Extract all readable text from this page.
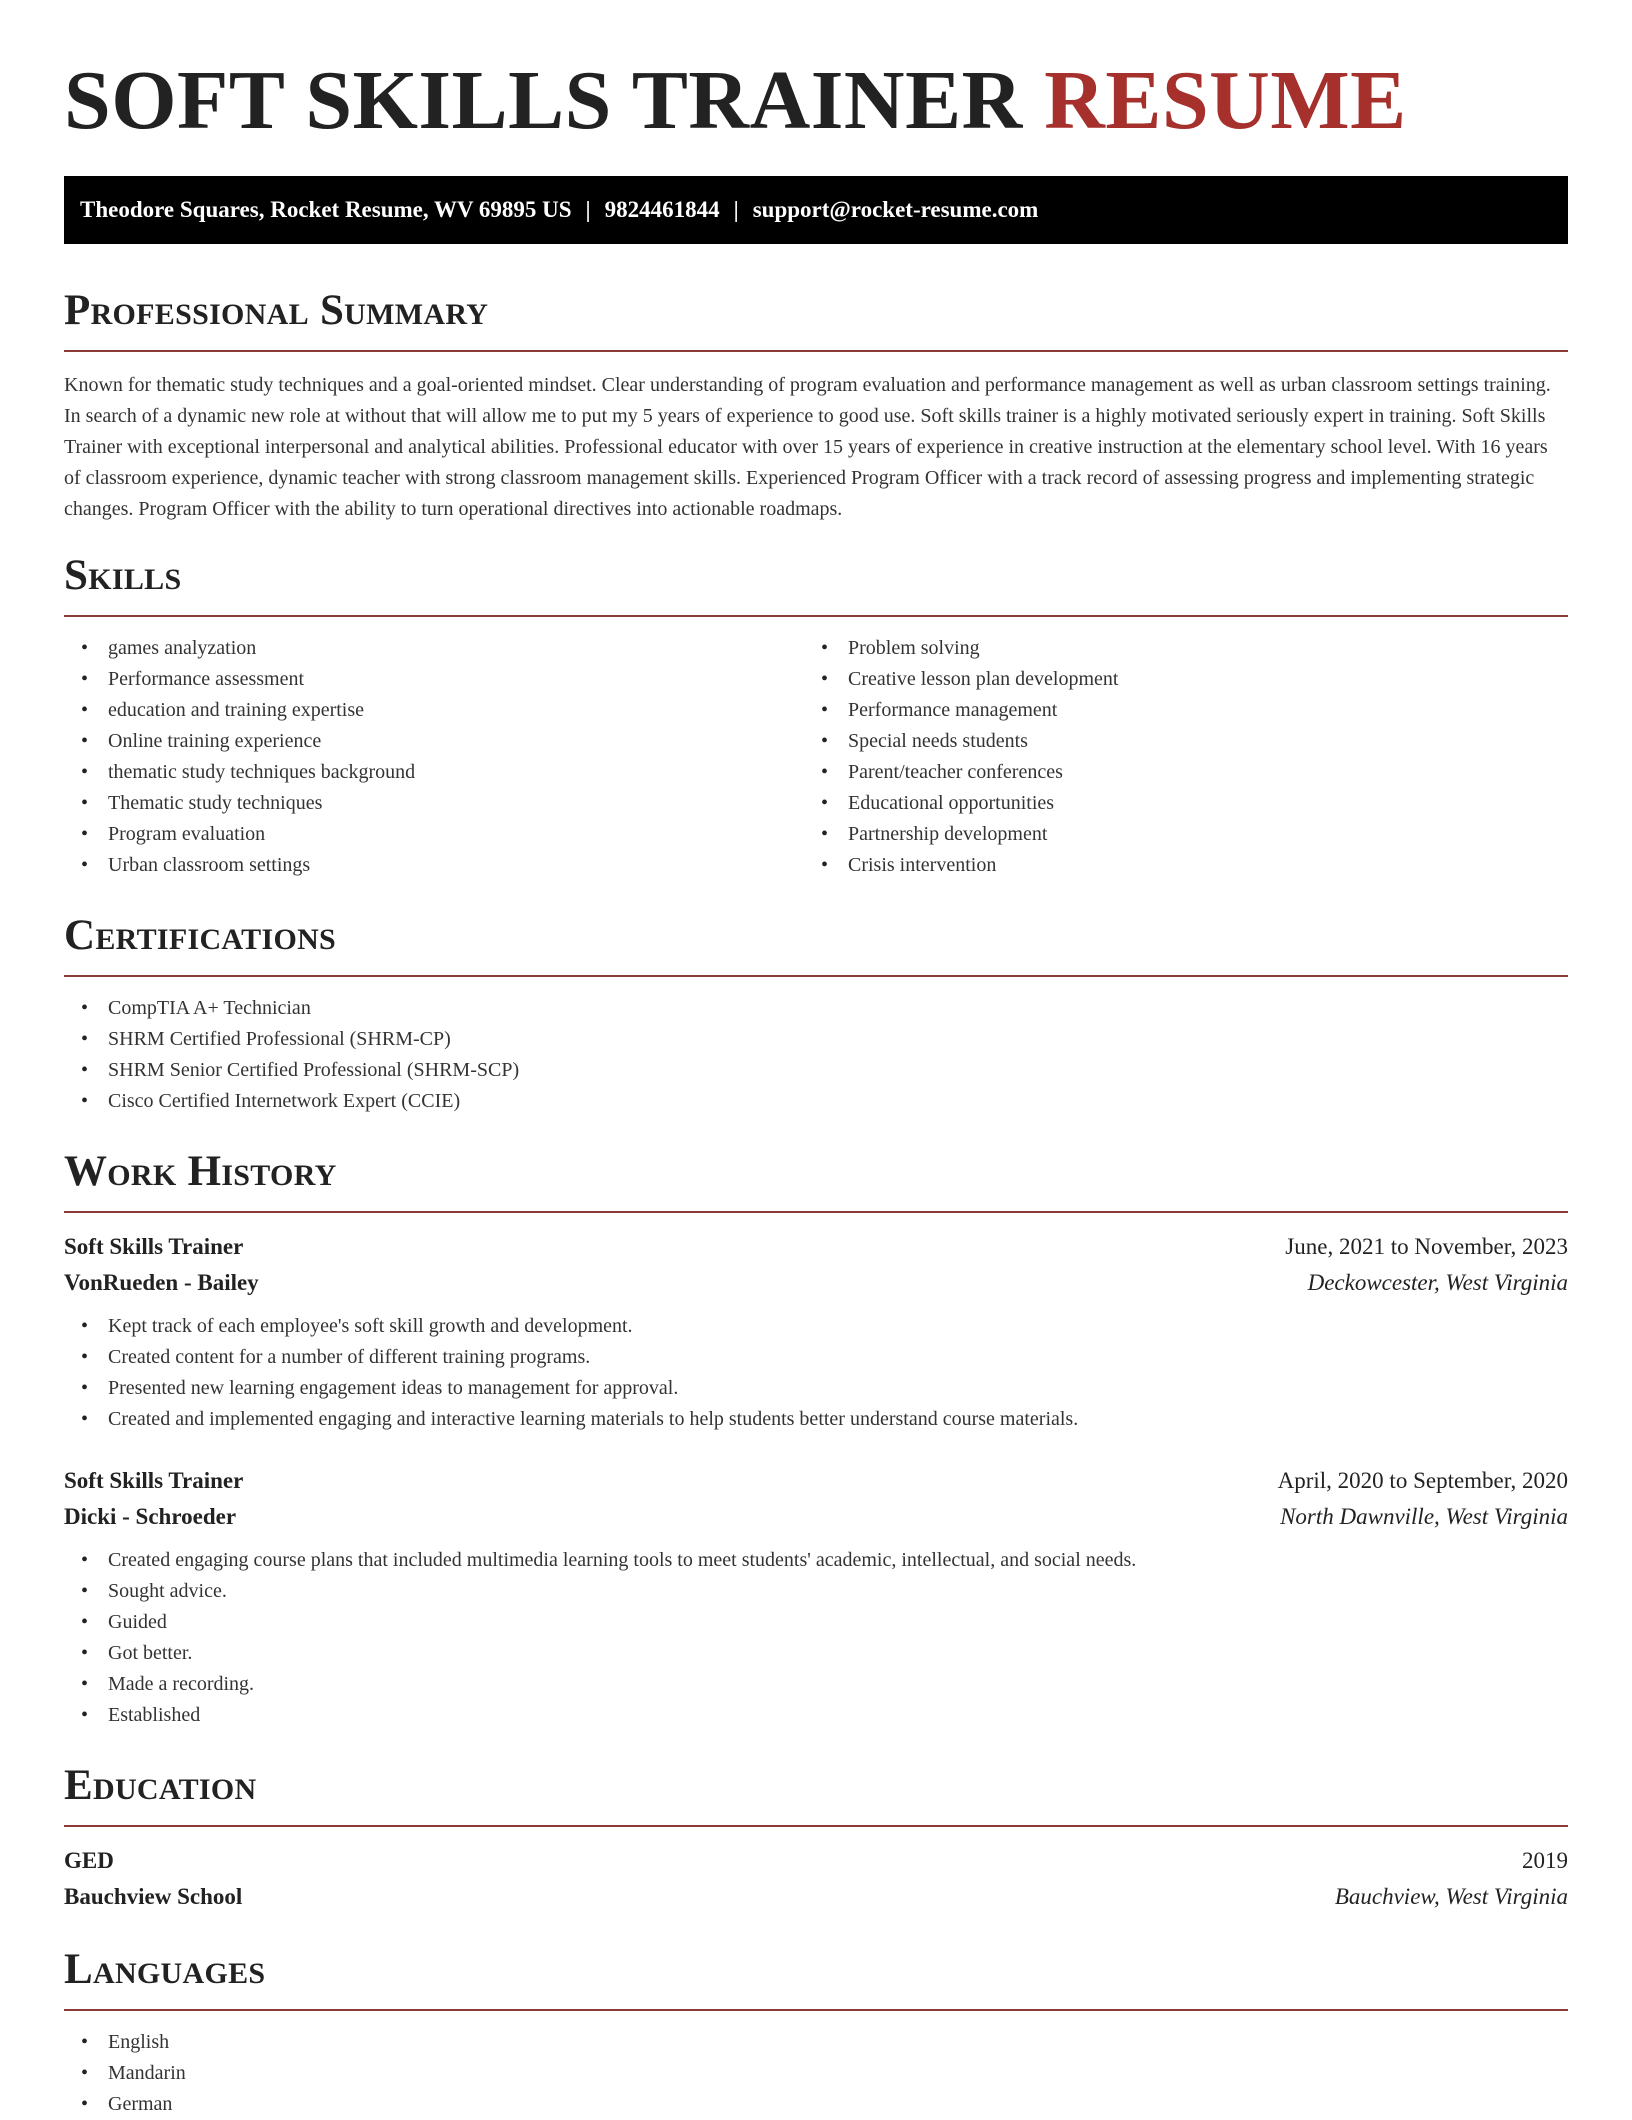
SOFT SKILLS TRAINER RESUME
Theodore Squares, Rocket Resume, WV 69895 US | 9824461844 | support@rocket-resume.com
Professional Summary

Known for thematic study techniques and a goal-oriented mindset. Clear understanding of program evaluation and performance management as well as urban classroom settings training. In search of a dynamic new role at without that will allow me to put my 5 years of experience to good use. Soft skills trainer is a highly motivated seriously expert in training. Soft Skills Trainer with exceptional interpersonal and analytical abilities. Professional educator with over 15 years of experience in creative instruction at the elementary school level. With 16 years of classroom experience, dynamic teacher with strong classroom management skills. Experienced Program Officer with a track record of assessing progress and implementing strategic changes. Program Officer with the ability to turn operational directives into actionable roadmaps.

Skills
• games analyzation
• Performance assessment
• education and training expertise
• Online training experience
• thematic study techniques background
• Thematic study techniques
• Program evaluation
• Urban classroom settings
• Problem solving
• Creative lesson plan development
• Performance management
• Special needs students
• Parent/teacher conferences
• Educational opportunities
• Partnership development
• Crisis intervention
Certifications
• CompTIA A+ Technician
• SHRM Certified Professional (SHRM-CP)
• SHRM Senior Certified Professional (SHRM-SCP)
• Cisco Certified Internetwork Expert (CCIE)
Work History
Soft Skills Trainer	June, 2021 to November, 2023
VonRueden - Bailey	Deckowcester, West Virginia
• Kept track of each employee's soft skill growth and development.
• Created content for a number of different training programs.
• Presented new learning engagement ideas to management for approval.
• Created and implemented engaging and interactive learning materials to help students better understand course materials.
Soft Skills Trainer	April, 2020 to September, 2020
Dicki - Schroeder	North Dawnville, West Virginia
• Created engaging course plans that included multimedia learning tools to meet students' academic, intellectual, and social needs.
• Sought advice.
• Guided
• Got better.
• Made a recording.
• Established
Education
GED	2019
Bauchview School	Bauchview, West Virginia
Languages
• English
• Mandarin
• German
